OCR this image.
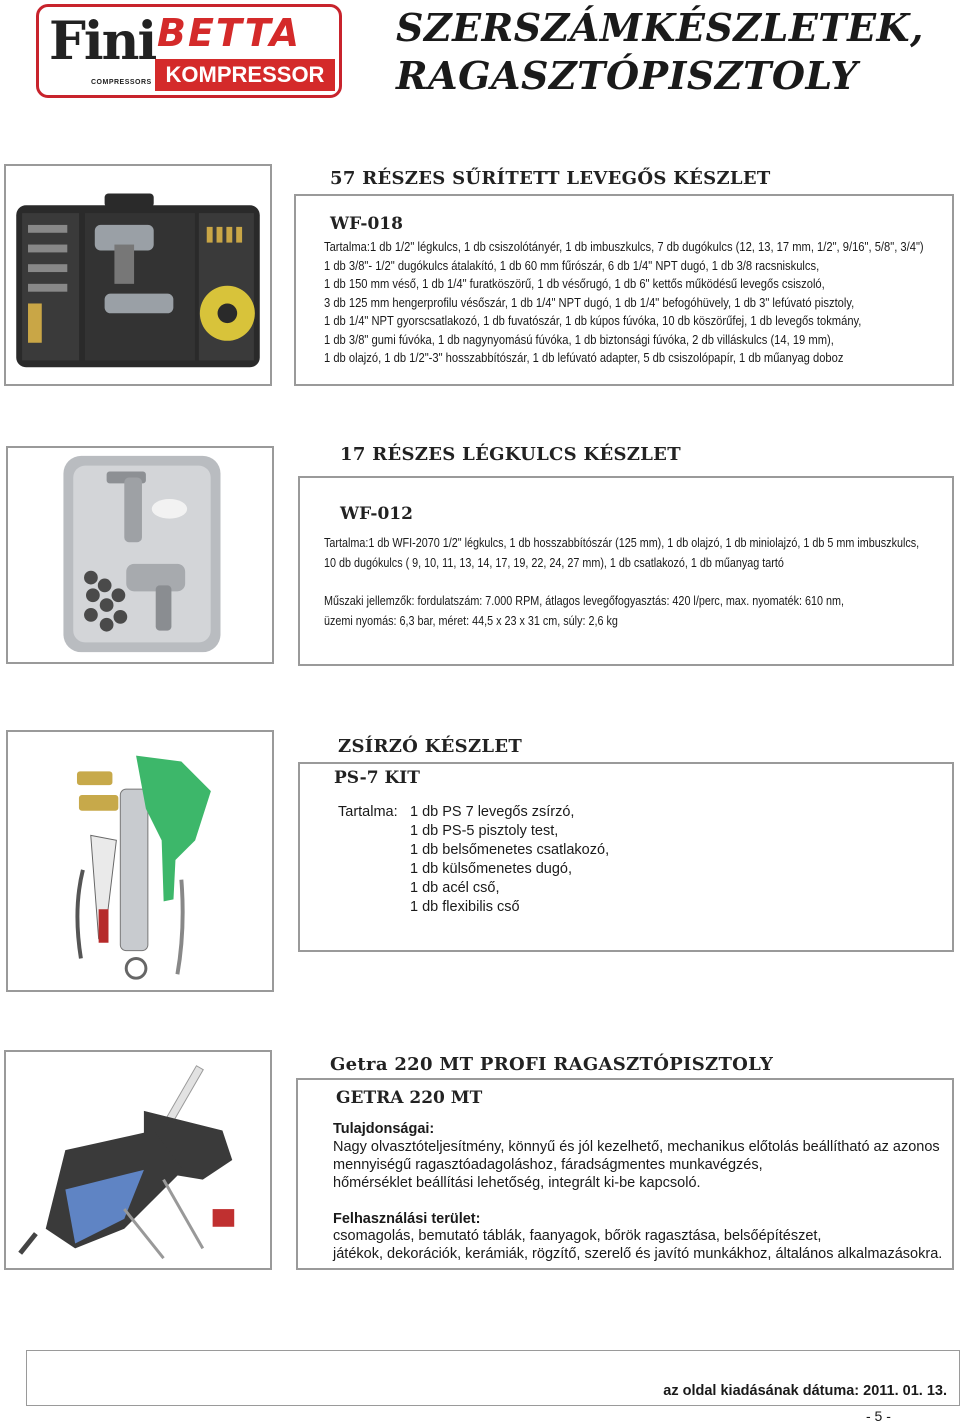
Fini
COMPRESSORS
BETTA
KOMPRESSOR
SZERSZÁMKÉSZLETEK,
RAGASZTÓPISZTOLY
57 RÉSZES SŰRÍTETT LEVEGŐS KÉSZLET
WF-018
Tartalma:1 db 1/2" légkulcs, 1 db csiszolótányér, 1 db imbuszkulcs, 7 db dugókulcs (12, 13, 17 mm, 1/2", 9/16", 5/8", 3/4")
1 db 3/8"- 1/2" dugókulcs átalakító, 1 db 60 mm fűrószár, 6 db 1/4" NPT dugó, 1 db 3/8 racsniskulcs,
1 db 150 mm véső, 1 db 1/4" furatköszörű, 1 db vésőrugó, 1 db 6" kettős működésű levegős csiszoló,
3 db 125 mm hengerprofilu vésőszár, 1 db 1/4" NPT dugó, 1 db 1/4" befogóhüvely, 1 db 3" lefúvató pisztoly,
1 db 1/4" NPT gyorscsatlakozó, 1 db fuvatószár, 1 db kúpos fúvóka, 10 db köszörűfej, 1 db levegős tokmány,
1 db 3/8" gumi fúvóka, 1 db nagynyomású fúvóka, 1 db biztonsági fúvóka, 2 db villáskulcs (14, 19 mm),
1 db olajzó, 1 db 1/2"-3" hosszabbítószár, 1 db lefúvató adapter, 5 db csiszolópapír, 1 db műanyag doboz
17 RÉSZES LÉGKULCS KÉSZLET
WF-012
Tartalma:1 db WFI-2070 1/2" légkulcs, 1 db hosszabbítószár (125 mm), 1 db olajzó, 1 db miniolajzó, 1 db 5 mm imbuszkulcs,
10 db dugókulcs ( 9, 10, 11, 13, 14, 17, 19, 22, 24, 27 mm), 1 db csatlakozó, 1 db műanyag tartó
Műszaki jellemzők: fordulatszám: 7.000 RPM, átlagos levegőfogyasztás: 420 l/perc, max. nyomaték: 610 nm,
üzemi nyomás: 6,3 bar, méret: 44,5 x 23 x 31 cm, súly: 2,6 kg
ZSÍRZÓ KÉSZLET
PS-7 KIT
Tartalma: 1 db PS 7 levegős zsírzó,
1 db PS-5 pisztoly test,
1 db belsőmenetes csatlakozó,
1 db külsőmenetes dugó,
1 db acél cső,
1 db flexibilis cső
Getra 220 MT PROFI RAGASZTÓPISZTOLY
GETRA 220 MT
Tulajdonságai:
Nagy olvasztóteljesítmény, könnyű és jól kezelhető, mechanikus előtolás beállítható az azonos
mennyiségű ragasztóadagoláshoz, fáradságmentes munkavégzés,
hőmérséklet beállítási lehetőség, integrált ki-be kapcsoló.
Felhasználási terület:
csomagolás, bemutató táblák, faanyagok, bőrök ragasztása, belsőépítészet,
játékok, dekorációk, kerámiák, rögzítő, szerelő és javító munkákhoz, általános alkalmazásokra.
az oldal kiadásának dátuma: 2011. 01. 13.
- 5 -
